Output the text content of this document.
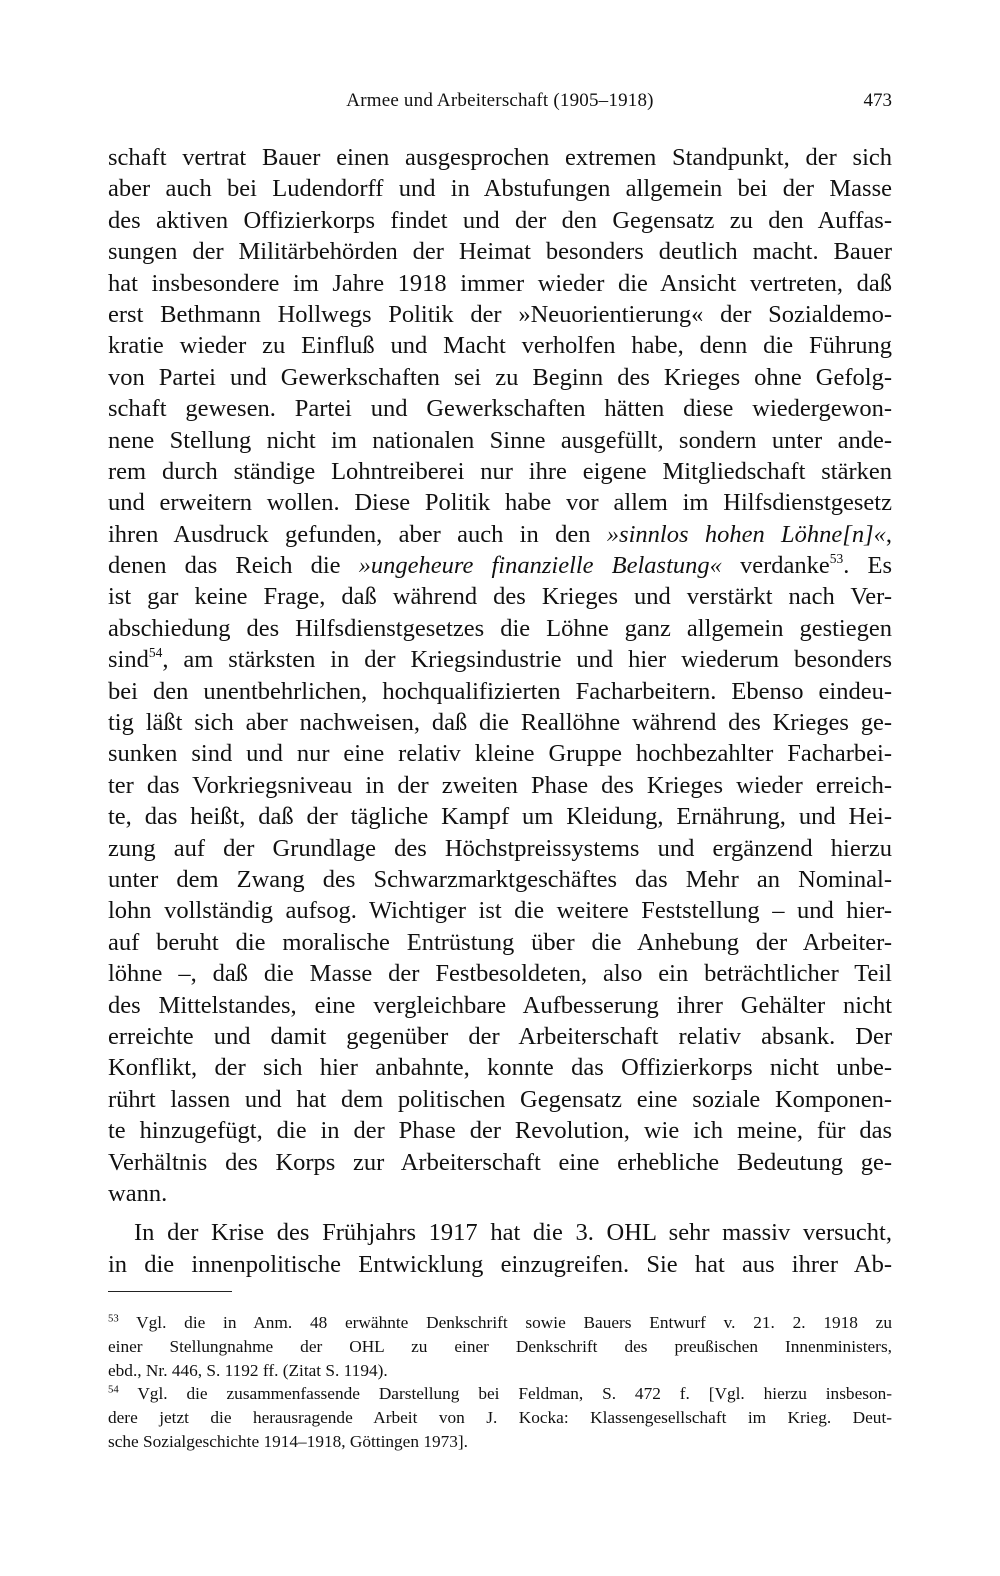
Armee und Arbeiterschaft (1905–1918)	473
schaft vertrat Bauer einen ausgesprochen extremen Standpunkt, der sich
aber auch bei Ludendorff und in Abstufungen allgemein bei der Masse
des aktiven Offizierkorps findet und der den Gegensatz zu den Auffas-
sungen der Militärbehörden der Heimat besonders deutlich macht. Bauer
hat insbesondere im Jahre 1918 immer wieder die Ansicht vertreten, daß
erst Bethmann Hollwegs Politik der »Neuorientierung« der Sozialdemo-
kratie wieder zu Einfluß und Macht verholfen habe, denn die Führung
von Partei und Gewerkschaften sei zu Beginn des Krieges ohne Gefolg-
schaft gewesen. Partei und Gewerkschaften hätten diese wiedergewon-
nene Stellung nicht im nationalen Sinne ausgefüllt, sondern unter ande-
rem durch ständige Lohntreiberei nur ihre eigene Mitgliedschaft stärken
und erweitern wollen. Diese Politik habe vor allem im Hilfsdienstgesetz
ihren Ausdruck gefunden, aber auch in den »sinnlos hohen Löhne[n]«,
denen das Reich die »ungeheure finanzielle Belastung« verdanke$^{53}$. Es
ist gar keine Frage, daß während des Krieges und verstärkt nach Ver-
abschiedung des Hilfsdienstgesetzes die Löhne ganz allgemein gestiegen
sind$^{54}$, am stärksten in der Kriegsindustrie und hier wiederum besonders
bei den unentbehrlichen, hochqualifizierten Facharbeitern. Ebenso eindeu-
tig läßt sich aber nachweisen, daß die Reallöhne während des Krieges ge-
sunken sind und nur eine relativ kleine Gruppe hochbezahlter Facharbei-
ter das Vorkriegsniveau in der zweiten Phase des Krieges wieder erreich-
te, das heißt, daß der tägliche Kampf um Kleidung, Ernährung, und Hei-
zung auf der Grundlage des Höchstpreissystems und ergänzend hierzu
unter dem Zwang des Schwarzmarktgeschäftes das Mehr an Nominal-
lohn vollständig aufsog. Wichtiger ist die weitere Feststellung – und hier-
auf beruht die moralische Entrüstung über die Anhebung der Arbeiter-
löhne –, daß die Masse der Festbesoldeten, also ein beträchtlicher Teil
des Mittelstandes, eine vergleichbare Aufbesserung ihrer Gehälter nicht
erreichte und damit gegenüber der Arbeiterschaft relativ absank. Der
Konflikt, der sich hier anbahnte, konnte das Offizierkorps nicht unbe-
rührt lassen und hat dem politischen Gegensatz eine soziale Komponen-
te hinzugefügt, die in der Phase der Revolution, wie ich meine, für das
Verhältnis des Korps zur Arbeiterschaft eine erhebliche Bedeutung ge-
wann.
In der Krise des Frühjahrs 1917 hat die 3. OHL sehr massiv versucht,
in die innenpolitische Entwicklung einzugreifen. Sie hat aus ihrer Ab-
$^{53}$ Vgl. die in Anm. 48 erwähnte Denkschrift sowie Bauers Entwurf v. 21. 2. 1918 zu
einer Stellungnahme der OHL zu einer Denkschrift des preußischen Innenministers,
ebd., Nr. 446, S. 1192 ff. (Zitat S. 1194).
$^{54}$ Vgl. die zusammenfassende Darstellung bei Feldman, S. 472 f. [Vgl. hierzu insbeson-
dere jetzt die herausragende Arbeit von J. Kocka: Klassengesellschaft im Krieg. Deut-
sche Sozialgeschichte 1914–1918, Göttingen 1973].
